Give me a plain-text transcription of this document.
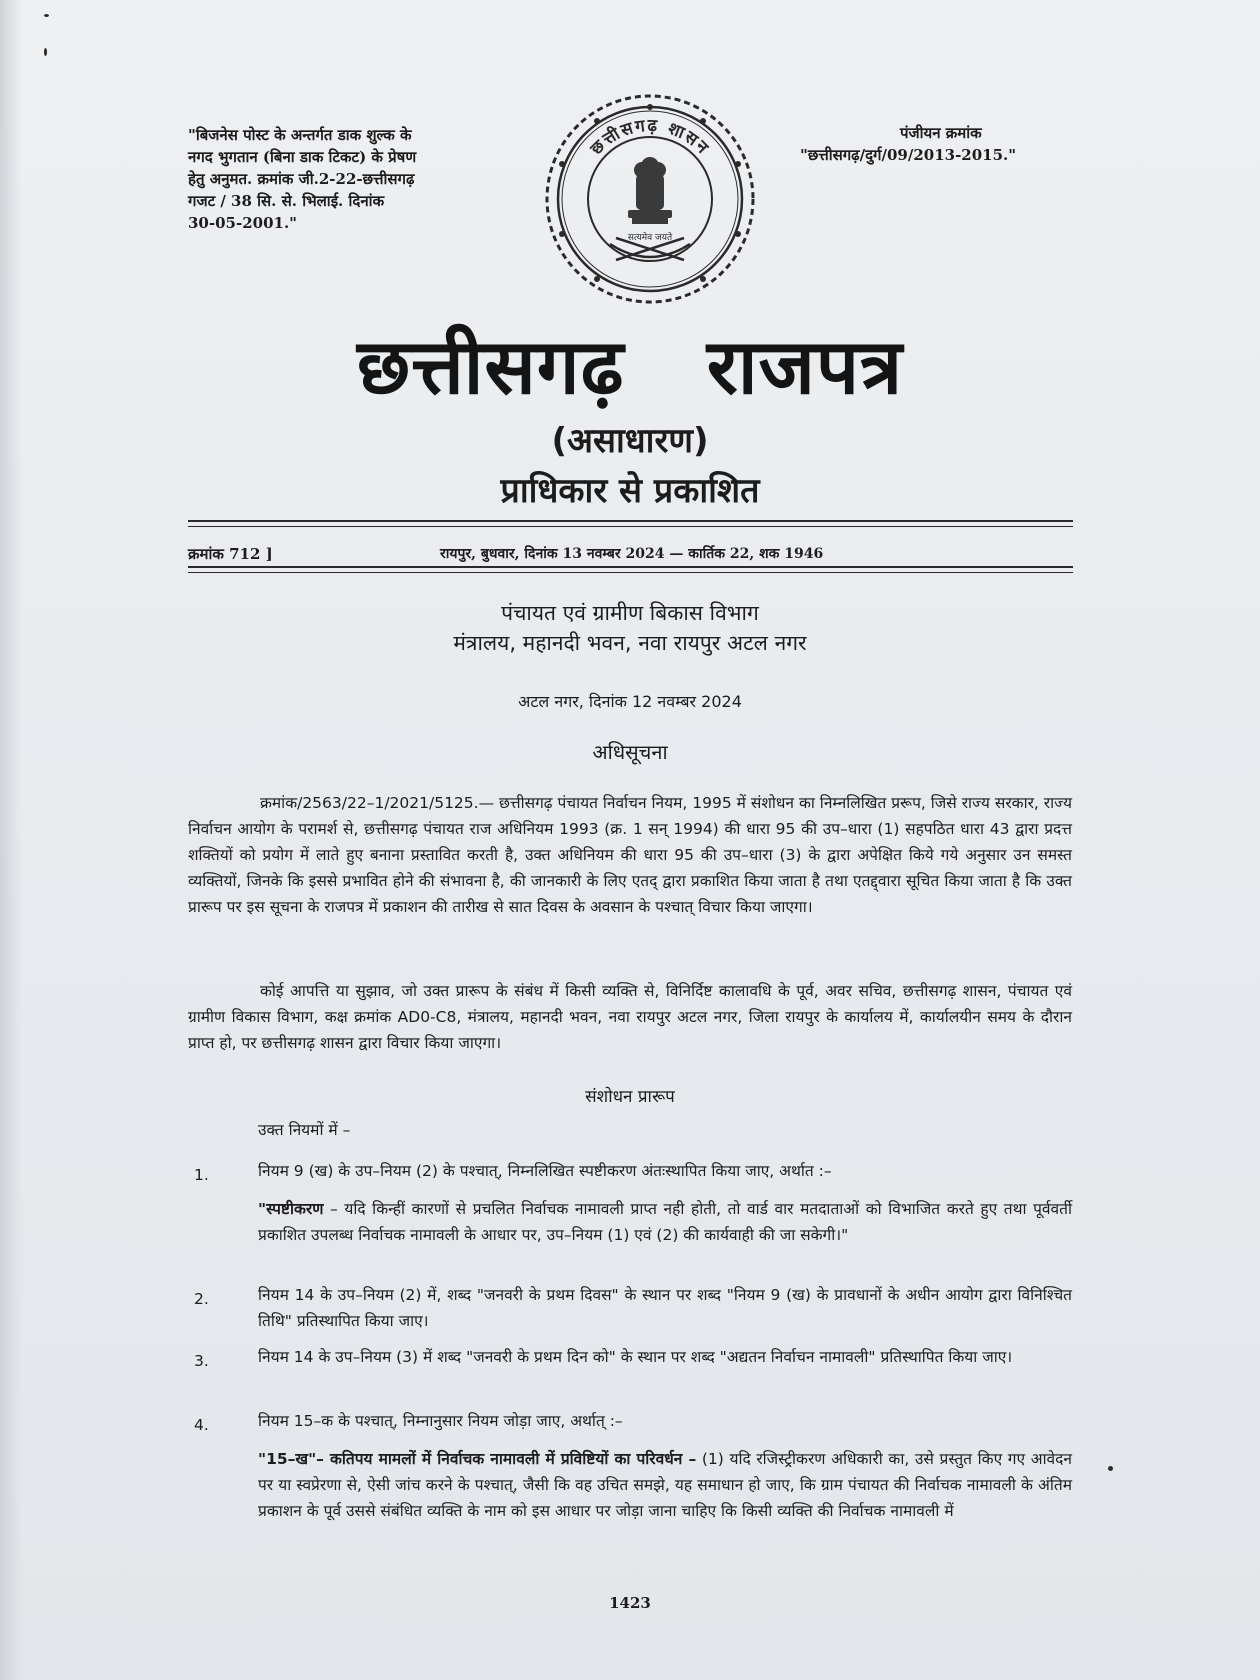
"बिजनेस पोस्ट के अन्तर्गत डाक शुल्क के
नगद भुगतान (बिना डाक टिकट) के प्रेषण
हेतु अनुमत. क्रमांक जी.2-22-छत्तीसगढ़
गजट / 38 सि. से. भिलाई. दिनांक
30-05-2001."
छत्तीसगढ़ शासन
सत्यमेव जयते
पंजीयन क्रमांक
"छत्तीसगढ़/दुर्ग/09/2013-2015."
छत्तीसगढ़   राजपत्र
(असाधारण)
प्राधिकार से प्रकाशित
क्रमांक 712 ]	रायपुर, बुधवार, दिनांक 13 नवम्बर 2024 — कार्तिक 22, शक 1946
पंचायत एवं ग्रामीण बिकास विभाग
मंत्रालय, महानदी भवन, नवा रायपुर अटल नगर
अटल नगर, दिनांक 12 नवम्बर 2024
अधिसूचना
क्रमांक/2563/22–1/2021/5125.— छत्तीसगढ़ पंचायत निर्वाचन नियम, 1995 में संशोधन का निम्नलिखित प्ररूप, जिसे राज्य सरकार, राज्य निर्वाचन आयोग के परामर्श से, छत्तीसगढ़ पंचायत राज अधिनियम 1993 (क्र. 1 सन् 1994) की धारा 95 की उप–धारा (1) सहपठित धारा 43 द्वारा प्रदत्त शक्तियों को प्रयोग में लाते हुए बनाना प्रस्तावित करती है, उक्त अधिनियम की धारा 95 की उप–धारा (3) के द्वारा अपेक्षित किये गये अनुसार उन समस्त व्यक्तियों, जिनके कि इससे प्रभावित होने की संभावना है, की जानकारी के लिए एतद् द्वारा प्रकाशित किया जाता है तथा एतद्द्वारा सूचित किया जाता है कि उक्त प्रारूप पर इस सूचना के राजपत्र में प्रकाशन की तारीख से सात दिवस के अवसान के पश्चात् विचार किया जाएगा।
कोई आपत्ति या सुझाव, जो उक्त प्रारूप के संबंध में किसी व्यक्ति से, विनिर्दिष्ट कालावधि के पूर्व, अवर सचिव, छत्तीसगढ़ शासन, पंचायत एवं ग्रामीण विकास विभाग, कक्ष क्रमांक AD0-C8, मंत्रालय, महानदी भवन, नवा रायपुर अटल नगर, जिला रायपुर के कार्यालय में, कार्यालयीन समय के दौरान प्राप्त हो, पर छत्तीसगढ़ शासन द्वारा विचार किया जाएगा।
संशोधन प्रारूप
उक्त नियमों में –
1.	नियम 9 (ख) के उप–नियम (2) के पश्चात्, निम्नलिखित स्पष्टीकरण अंतःस्थापित किया जाए, अर्थात :–
"स्पष्टीकरण – यदि किन्हीं कारणों से प्रचलित निर्वाचक नामावली प्राप्त नही होती, तो वार्ड वार मतदाताओं को विभाजित करते हुए तथा पूर्ववर्ती प्रकाशित उपलब्ध निर्वाचक नामावली के आधार पर, उप–नियम (1) एवं (2) की कार्यवाही की जा सकेगी।"
2.	नियम 14 के उप–नियम (2) में, शब्द "जनवरी के प्रथम दिवस" के स्थान पर शब्द "नियम 9 (ख) के प्रावधानों के अधीन आयोग द्वारा विनिश्चित तिथि" प्रतिस्थापित किया जाए।
3.	नियम 14 के उप–नियम (3) में शब्द "जनवरी के प्रथम दिन को" के स्थान पर शब्द "अद्यतन निर्वाचन नामावली" प्रतिस्थापित किया जाए।
4.	नियम 15–क के पश्चात्, निम्नानुसार नियम जोड़ा जाए, अर्थात् :–
"15–ख"– कतिपय मामलों में निर्वाचक नामावली में प्रविष्टियों का परिवर्धन – (1) यदि रजिस्ट्रीकरण अधिकारी का, उसे प्रस्तुत किए गए आवेदन पर या स्वप्रेरणा से, ऐसी जांच करने के पश्चात्, जैसी कि वह उचित समझे, यह समाधान हो जाए, कि ग्राम पंचायत की निर्वाचक नामावली के अंतिम प्रकाशन के पूर्व उससे संबंधित व्यक्ति के नाम को इस आधार पर जोड़ा जाना चाहिए कि किसी व्यक्ति की निर्वाचक नामावली में
1423
